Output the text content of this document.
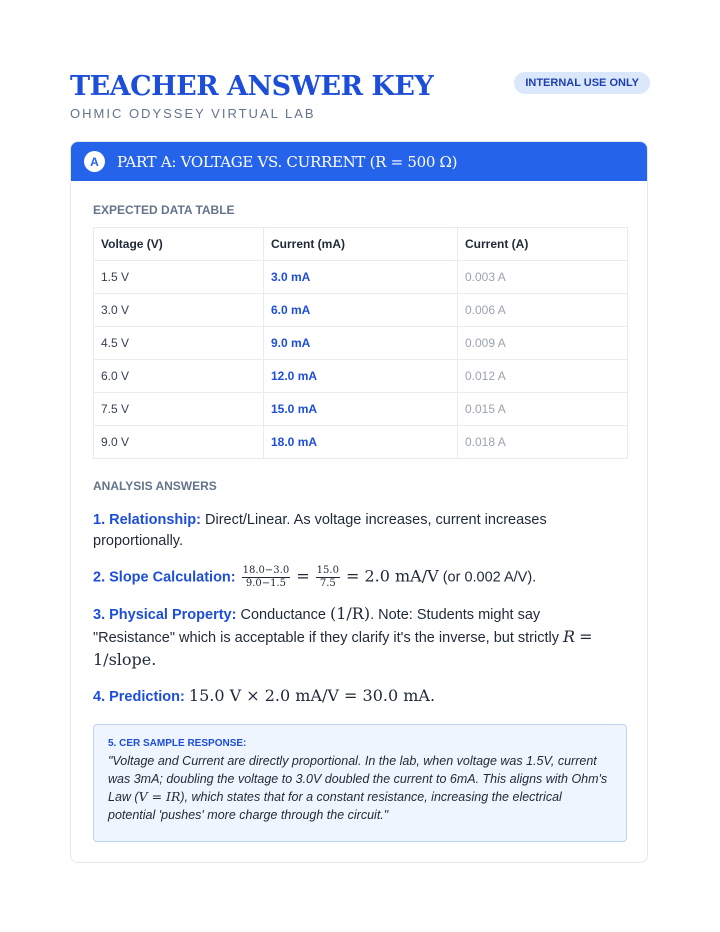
TEACHER ANSWER KEY
OHMIC ODYSSEY VIRTUAL LAB
INTERNAL USE ONLY
A	PART A: VOLTAGE VS. CURRENT (R = 500 Ω)
EXPECTED DATA TABLE
Voltage (V)	Current (mA)	Current (A)
1.5 V	3.0 mA	0.003 A
3.0 V	6.0 mA	0.006 A
4.5 V	9.0 mA	0.009 A
6.0 V	12.0 mA	0.012 A
7.5 V	15.0 mA	0.015 A
9.0 V	18.0 mA	0.018 A
ANALYSIS ANSWERS
1. Relationship: Direct/Linear. As voltage increases, current increases proportionally.
2. Slope Calculation: $\frac{18.0-3.0}{9.0-1.5} = \frac{15.0}{7.5} = 2.0$ mA/V (or 0.002 A/V).
3. Physical Property: Conductance (1/R). Note: Students might say "Resistance" which is acceptable if they clarify it's the inverse, but strictly R = 1/slope.
4. Prediction: 15.0 V × 2.0 mA/V = 30.0 mA.
5. CER SAMPLE RESPONSE:
"Voltage and Current are directly proportional. In the lab, when voltage was 1.5V, current was 3mA; doubling the voltage to 3.0V doubled the current to 6mA. This aligns with Ohm's Law (V = IR), which states that for a constant resistance, increasing the electrical potential 'pushes' more charge through the circuit."
